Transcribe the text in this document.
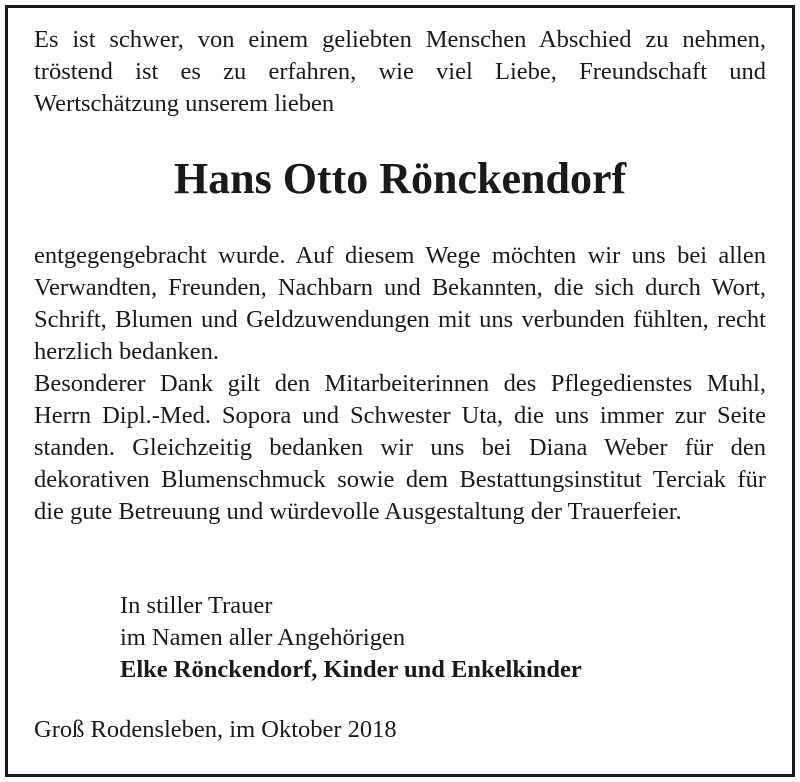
Es ist schwer, von einem geliebten Menschen Abschied zu nehmen, tröstend ist es zu erfahren, wie viel Liebe, Freundschaft und Wertschätzung unserem lieben

Hans Otto Rönckendorf

entgegengebracht wurde. Auf diesem Wege möchten wir uns bei allen Verwandten, Freunden, Nachbarn und Bekannten, die sich durch Wort, Schrift, Blumen und Geldzuwendungen mit uns verbunden fühlten, recht herzlich bedanken.

Besonderer Dank gilt den Mitarbeiterinnen des Pflegedienstes Muhl, Herrn Dipl.-Med. Sopora und Schwester Uta, die uns immer zur Seite standen. Gleichzeitig bedanken wir uns bei Diana Weber für den dekorativen Blumenschmuck sowie dem Bestattungsinstitut Terciak für die gute Betreuung und würdevolle Ausgestaltung der Trauerfeier.

In stiller Trauer

im Namen aller Angehörigen

Elke Rönckendorf, Kinder und Enkelkinder

Groß Rodensleben, im Oktober 2018
